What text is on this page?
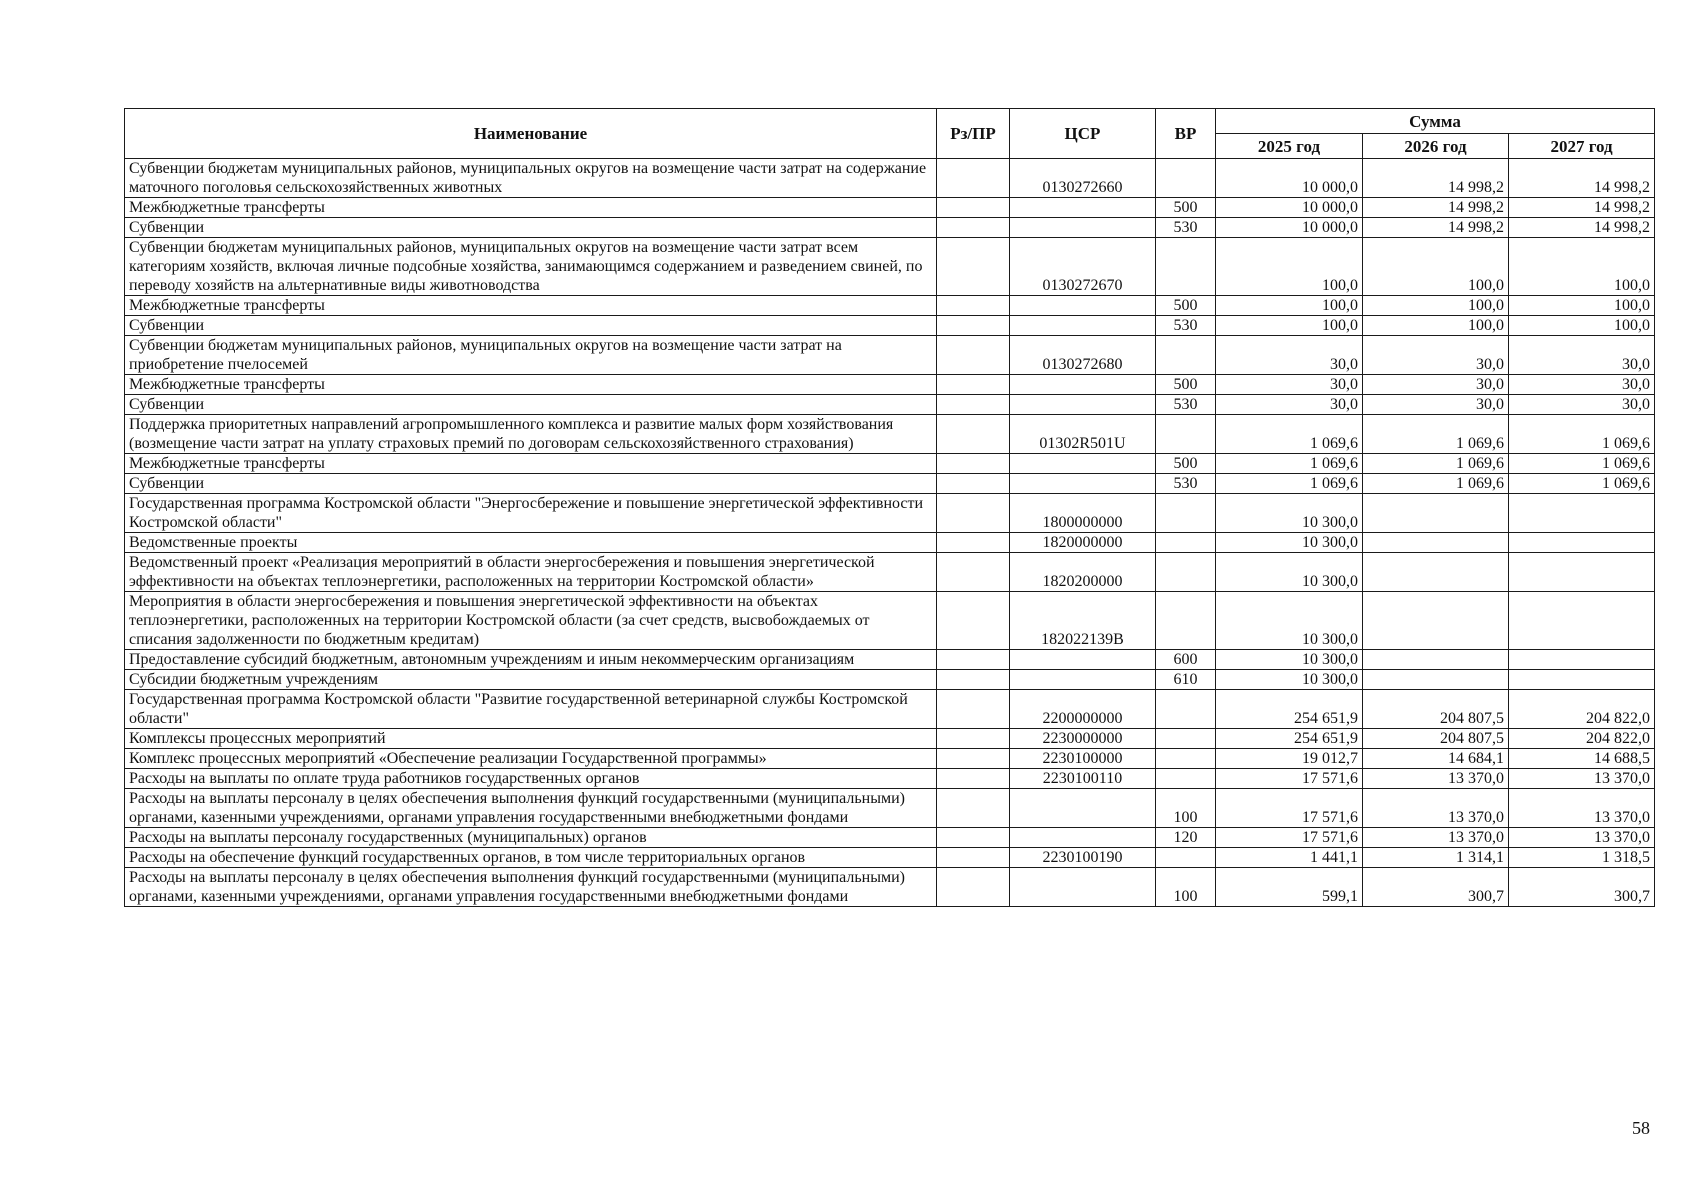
Наименование	Рз/ПР	ЦСР	ВР	Сумма		
				2025 год	2026 год	2027 год
Субвенции бюджетам муниципальных районов, муниципальных округов на возмещение части затрат на содержание маточного поголовья сельскохозяйственных животных		0130272660		10 000,0	14 998,2	14 998,2
Межбюджетные трансферты			500	10 000,0	14 998,2	14 998,2
Субвенции			530	10 000,0	14 998,2	14 998,2
Субвенции бюджетам муниципальных районов, муниципальных округов на возмещение части затрат всем категориям хозяйств, включая личные подсобные хозяйства, занимающимся содержанием и разведением свиней, по переводу хозяйств на альтернативные виды животноводства		0130272670		100,0	100,0	100,0
Межбюджетные трансферты			500	100,0	100,0	100,0
Субвенции			530	100,0	100,0	100,0
Субвенции бюджетам муниципальных районов, муниципальных округов на возмещение части затрат на приобретение пчелосемей		0130272680		30,0	30,0	30,0
Межбюджетные трансферты			500	30,0	30,0	30,0
Субвенции			530	30,0	30,0	30,0
Поддержка приоритетных направлений агропромышленного комплекса и развитие малых форм хозяйствования (возмещение части затрат на уплату страховых премий по договорам сельскохозяйственного страхования)		01302R501U		1 069,6	1 069,6	1 069,6
Межбюджетные трансферты			500	1 069,6	1 069,6	1 069,6
Субвенции			530	1 069,6	1 069,6	1 069,6
Государственная программа Костромской области "Энергосбережение и повышение энергетической эффективности Костромской области"		1800000000		10 300,0		
Ведомственные проекты		1820000000		10 300,0		
Ведомственный проект «Реализация мероприятий в области энергосбережения и повышения энергетической эффективности на объектах теплоэнергетики, расположенных на территории Костромской области»		1820200000		10 300,0		
Мероприятия в области энергосбережения и повышения энергетической эффективности на объектах теплоэнергетики, расположенных на территории Костромской области (за счет средств, высвобождаемых от списания задолженности по бюджетным кредитам)		182022139В		10 300,0		
Предоставление субсидий бюджетным, автономным учреждениям и иным некоммерческим организациям			600	10 300,0		
Субсидии бюджетным учреждениям			610	10 300,0		
Государственная программа Костромской области "Развитие государственной ветеринарной службы Костромской области"		2200000000		254 651,9	204 807,5	204 822,0
Комплексы процессных мероприятий		2230000000		254 651,9	204 807,5	204 822,0
Комплекс процессных мероприятий «Обеспечение реализации Государственной программы»		2230100000		19 012,7	14 684,1	14 688,5
Расходы на выплаты по оплате труда работников государственных органов		2230100110		17 571,6	13 370,0	13 370,0
Расходы на выплаты персоналу в целях обеспечения выполнения функций государственными (муниципальными) органами, казенными учреждениями, органами управления государственными внебюджетными фондами			100	17 571,6	13 370,0	13 370,0
Расходы на выплаты персоналу государственных (муниципальных) органов			120	17 571,6	13 370,0	13 370,0
Расходы на обеспечение функций государственных органов, в том числе территориальных органов		2230100190		1 441,1	1 314,1	1 318,5
Расходы на выплаты персоналу в целях обеспечения выполнения функций государственными (муниципальными) органами, казенными учреждениями, органами управления государственными внебюджетными фондами			100	599,1	300,7	300,7
58
